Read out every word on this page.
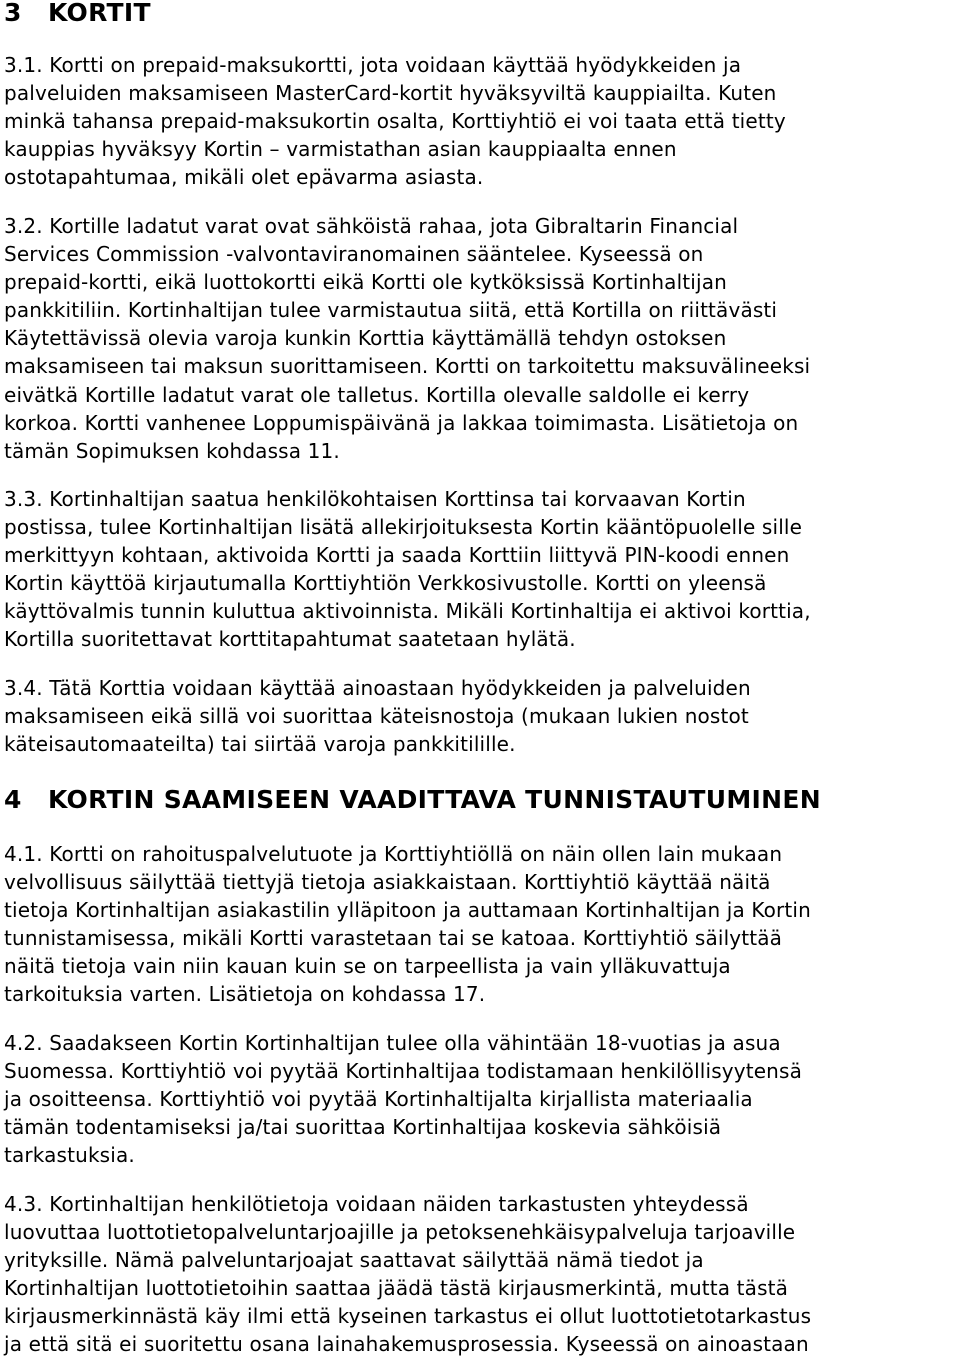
3 KORTIT

3.1. Kortti on prepaid-maksukortti, jota voidaan käyttää hyödykkeiden ja
palveluiden maksamiseen MasterCard-kortit hyväksyviltä kauppiailta. Kuten
minkä tahansa prepaid-maksukortin osalta, Korttiyhtiö ei voi taata että tietty
kauppias hyväksyy Kortin – varmistathan asian kauppiaalta ennen
ostotapahtumaa, mikäli olet epävarma asiasta.

3.2. Kortille ladatut varat ovat sähköistä rahaa, jota Gibraltarin Financial
Services Commission -valvontaviranomainen sääntelee. Kyseessä on
prepaid-kortti, eikä luottokortti eikä Kortti ole kytköksissä Kortinhaltijan
pankkitiliin. Kortinhaltijan tulee varmistautua siitä, että Kortilla on riittävästi
Käytettävissä olevia varoja kunkin Korttia käyttämällä tehdyn ostoksen
maksamiseen tai maksun suorittamiseen. Kortti on tarkoitettu maksuvälineeksi
eivätkä Kortille ladatut varat ole talletus. Kortilla olevalle saldolle ei kerry
korkoa. Kortti vanhenee Loppumispäivänä ja lakkaa toimimasta. Lisätietoja on
tämän Sopimuksen kohdassa 11.

3.3. Kortinhaltijan saatua henkilökohtaisen Korttinsa tai korvaavan Kortin
postissa, tulee Kortinhaltijan lisätä allekirjoituksesta Kortin kääntöpuolelle sille
merkittyyn kohtaan, aktivoida Kortti ja saada Korttiin liittyvä PIN-koodi ennen
Kortin käyttöä kirjautumalla Korttiyhtiön Verkkosivustolle. Kortti on yleensä
käyttövalmis tunnin kuluttua aktivoinnista. Mikäli Kortinhaltija ei aktivoi korttia,
Kortilla suoritettavat korttitapahtumat saatetaan hylätä.

3.4. Tätä Korttia voidaan käyttää ainoastaan hyödykkeiden ja palveluiden
maksamiseen eikä sillä voi suorittaa käteisnostoja (mukaan lukien nostot
käteisautomaateilta) tai siirtää varoja pankkitilille.

4 KORTIN SAAMISEEN VAADITTAVA TUNNISTAUTUMINEN

4.1. Kortti on rahoituspalvelutuote ja Korttiyhtiöllä on näin ollen lain mukaan
velvollisuus säilyttää tiettyjä tietoja asiakkaistaan. Korttiyhtiö käyttää näitä
tietoja Kortinhaltijan asiakastilin ylläpitoon ja auttamaan Kortinhaltijan ja Kortin
tunnistamisessa, mikäli Kortti varastetaan tai se katoaa. Korttiyhtiö säilyttää
näitä tietoja vain niin kauan kuin se on tarpeellista ja vain ylläkuvattuja
tarkoituksia varten. Lisätietoja on kohdassa 17.

4.2. Saadakseen Kortin Kortinhaltijan tulee olla vähintään 18-vuotias ja asua
Suomessa. Korttiyhtiö voi pyytää Kortinhaltijaa todistamaan henkilöllisyytensä
ja osoitteensa. Korttiyhtiö voi pyytää Kortinhaltijalta kirjallista materiaalia
tämän todentamiseksi ja/tai suorittaa Kortinhaltijaa koskevia sähköisiä
tarkastuksia.

4.3. Kortinhaltijan henkilötietoja voidaan näiden tarkastusten yhteydessä
luovuttaa luottotietopalveluntarjoajille ja petoksenehkäisypalveluja tarjoaville
yrityksille. Nämä palveluntarjoajat saattavat säilyttää nämä tiedot ja
Kortinhaltijan luottotietoihin saattaa jäädä tästä kirjausmerkintä, mutta tästä
kirjausmerkinnästä käy ilmi että kyseinen tarkastus ei ollut luottotietotarkastus
ja että sitä ei suoritettu osana lainahakemusprosessia. Kyseessä on ainoastaan
